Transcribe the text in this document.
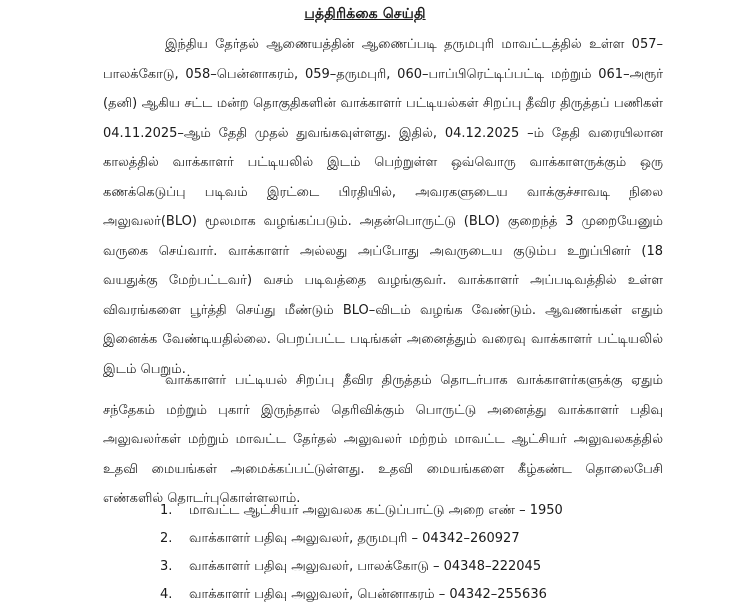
பத்திரிக்கை செய்தி

இந்திய தேர்தல் ஆணையத்தின் ஆணைப்படி தருமபுரி மாவட்டத்தில் உள்ள 057–பாலக்கோடு, 058–பென்னாகரம், 059–தருமபுரி, 060–பாப்பிரெட்டிப்பட்டி மற்றும் 061–அரூர் (தனி) ஆகிய சட்ட மன்ற தொகுதிகளின் வாக்காளர் பட்டியல்கள் சிறப்பு தீவிர திருத்தப் பணிகள் 04.11.2025–ஆம் தேதி முதல் துவங்கவுள்ளது. இதில், 04.12.2025 –ம் தேதி வரையிலான காலத்தில் வாக்காளர் பட்டியலில் இடம் பெற்றுள்ள ஒவ்வொரு வாக்காளருக்கும் ஒரு கணக்கெடுப்பு படிவம் இரட்டை பிரதியில், அவரகளுடைய வாக்குச்சாவடி நிலை அலுவலர்(BLO) மூலமாக வழங்கப்படும். அதன்பொருட்டு (BLO) குறைந்த் 3 முறையேனும் வருகை செய்வார். வாக்காளர் அல்லது அப்போது அவருடைய குடும்ப உறுப்பினர் (18 வயதுக்கு மேற்பட்டவர்) வசம் படிவத்தை வழங்குவர். வாக்காளர் அப்படிவத்தில் உள்ள விவரங்களை பூர்த்தி செய்து மீண்டும் BLO–விடம் வழங்க வேண்டும். ஆவணங்கள் எதும் இனைக்க வேண்டியதில்லை. பெறப்பட்ட படிங்கள் அனைத்தும் வரைவு வாக்காளர் பட்டியலில் இடம் பெறும்.

வாக்காளர் பட்டியல் சிறப்பு தீவிர திருத்தம் தொடர்பாக வாக்காளர்களுக்கு ஏதும் சந்தேகம் மற்றும் புகார் இருந்தால் தெரிவிக்கும் பொருட்டு அனைத்து வாக்காளர் பதிவு அலுவலர்கள் மற்றும் மாவட்ட தேர்தல் அலுவலர் மற்றம் மாவட்ட ஆட்சியர் அலுவலகத்தில் உதவி மையங்கள் அமைக்கப்பட்டுள்ளது. உதவி மையங்களை கீழ்கண்ட தொலைபேசி எண்களில் தொடர்புகொள்ளலாம்.

1. மாவட்ட ஆட்சியர் அலுவலக கட்டுப்பாட்டு அறை எண் – 1950
2. வாக்காளர் பதிவு அலுவலர், தருமபுரி – 04342–260927
3. வாக்காளர் பதிவு அலுவலர், பாலக்கோடு – 04348–222045
4. வாக்காளர் பதிவு அலுவலர், பென்னாகரம் – 04342–255636
